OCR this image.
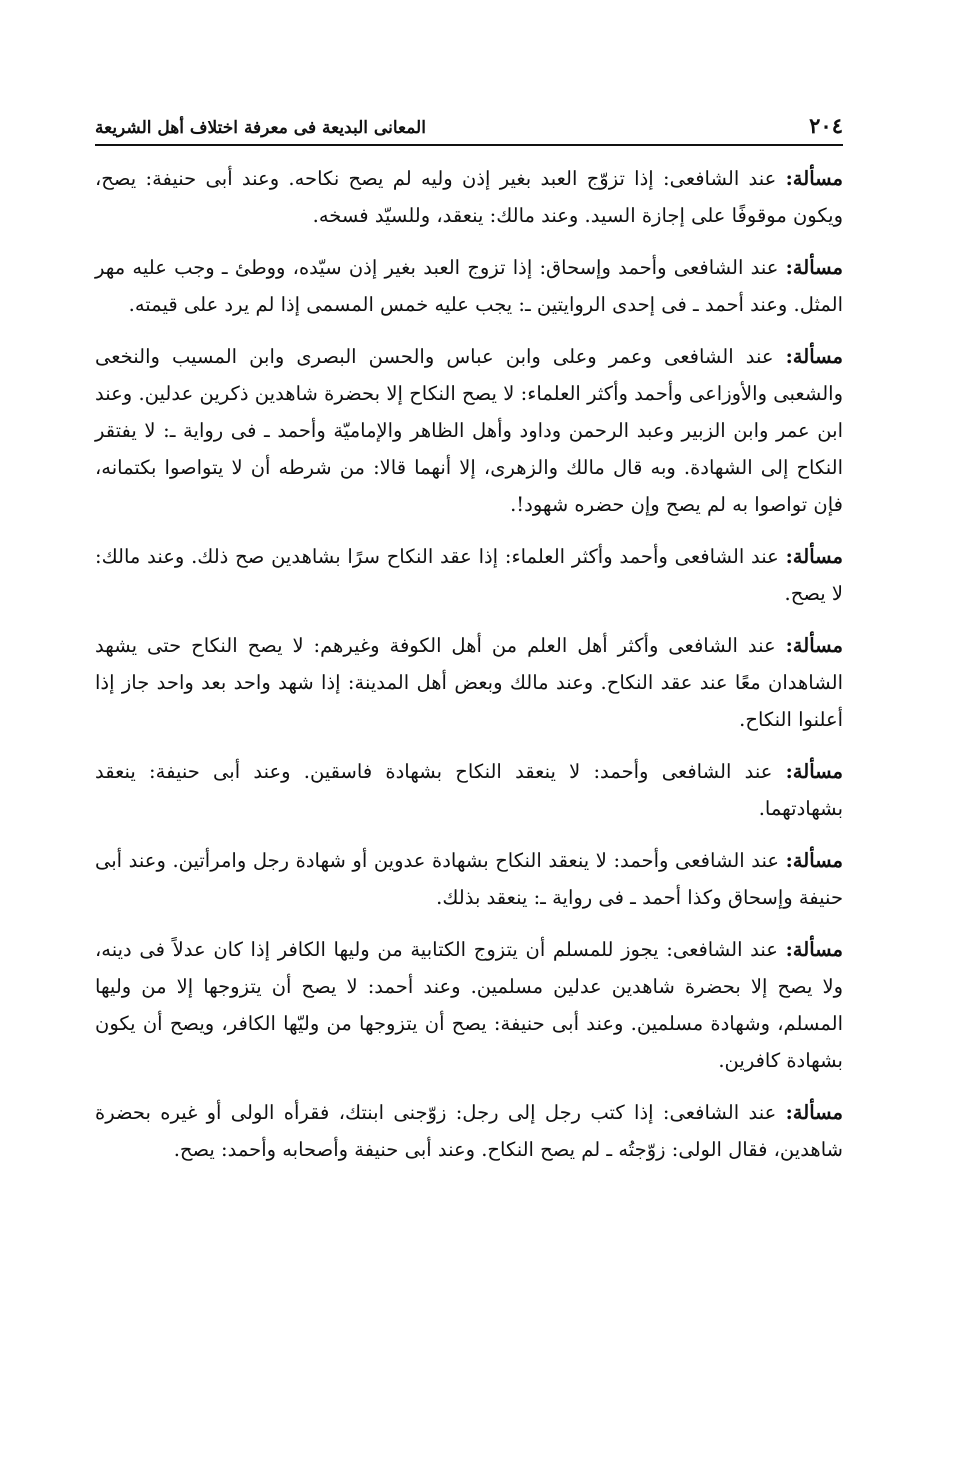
٢٠٤
المعانى البديعة فى معرفة اختلاف أهل الشريعة

مسألة: عند الشافعى: إذا تزوّج العبد بغير إذن وليه لم يصح نكاحه. وعند أبى حنيفة: يصح، ويكون موقوفًا على إجازة السيد. وعند مالك: ينعقد، وللسيّد فسخه.

مسألة: عند الشافعى وأحمد وإسحاق: إذا تزوج العبد بغير إذن سيّده، ووطئ ـ وجب عليه مهر المثل. وعند أحمد ـ فى إحدى الروايتين ـ: يجب عليه خمس المسمى إذا لم يرد على قيمته.

مسألة: عند الشافعى وعمر وعلى وابن عباس والحسن البصرى وابن المسيب والنخعى والشعبى والأوزاعى وأحمد وأكثر العلماء: لا يصح النكاح إلا بحضرة شاهدين ذكرين عدلين. وعند ابن عمر وابن الزبير وعبد الرحمن وداود وأهل الظاهر والإماميّة وأحمد ـ فى رواية ـ: لا يفتقر النكاح إلى الشهادة. وبه قال مالك والزهرى، إلا أنهما قالا: من شرطه أن لا يتواصوا بكتمانه، فإن تواصوا به لم يصح وإن حضره شهود!.

مسألة: عند الشافعى وأحمد وأكثر العلماء: إذا عقد النكاح سرًا بشاهدين صح ذلك. وعند مالك: لا يصح.

مسألة: عند الشافعى وأكثر أهل العلم من أهل الكوفة وغيرهم: لا يصح النكاح حتى يشهد الشاهدان معًا عند عقد النكاح. وعند مالك وبعض أهل المدينة: إذا شهد واحد بعد واحد جاز إذا أعلنوا النكاح.

مسألة: عند الشافعى وأحمد: لا ينعقد النكاح بشهادة فاسقين. وعند أبى حنيفة: ينعقد بشهادتهما.

مسألة: عند الشافعى وأحمد: لا ينعقد النكاح بشهادة عدوين أو شهادة رجل وامرأتين. وعند أبى حنيفة وإسحاق وكذا أحمد ـ فى رواية ـ: ينعقد بذلك.

مسألة: عند الشافعى: يجوز للمسلم أن يتزوج الكتابية من وليها الكافر إذا كان عدلاً فى دينه، ولا يصح إلا بحضرة شاهدين عدلين مسلمين. وعند أحمد: لا يصح أن يتزوجها إلا من وليها المسلم، وشهادة مسلمين. وعند أبى حنيفة: يصح أن يتزوجها من وليّها الكافر، ويصح أن يكون بشهادة كافرين.

مسألة: عند الشافعى: إذا كتب رجل إلى رجل: زوّجنى ابنتك، فقرأه الولى أو غيره بحضرة شاهدين، فقال الولى: زوّجتُه ـ لم يصح النكاح. وعند أبى حنيفة وأصحابه وأحمد: يصح.
